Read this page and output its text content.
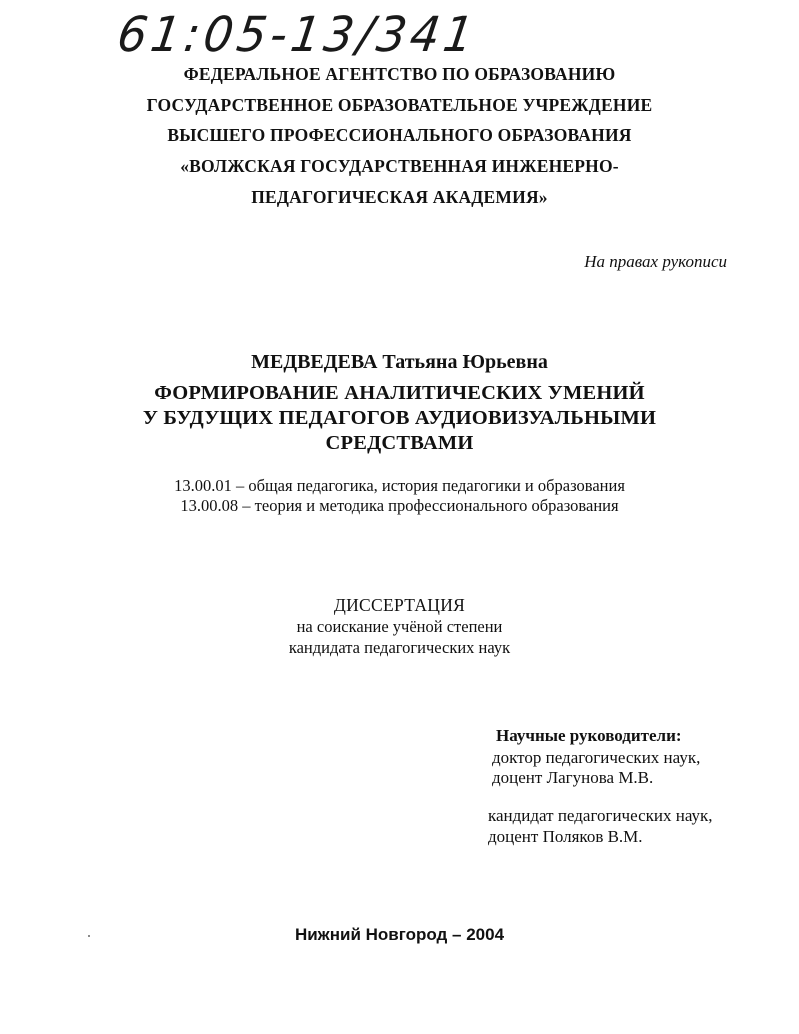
61:05-13/341
ФЕДЕРАЛЬНОЕ АГЕНТСТВО ПО ОБРАЗОВАНИЮ
ГОСУДАРСТВЕННОЕ ОБРАЗОВАТЕЛЬНОЕ УЧРЕЖДЕНИЕ
ВЫСШЕГО ПРОФЕССИОНАЛЬНОГО ОБРАЗОВАНИЯ
«ВОЛЖСКАЯ ГОСУДАРСТВЕННАЯ ИНЖЕНЕРНО-
ПЕДАГОГИЧЕСКАЯ АКАДЕМИЯ»
На правах рукописи
МЕДВЕДЕВА Татьяна Юрьевна
ФОРМИРОВАНИЕ АНАЛИТИЧЕСКИХ УМЕНИЙ
У БУДУЩИХ ПЕДАГОГОВ АУДИОВИЗУАЛЬНЫМИ
СРЕДСТВАМИ
13.00.01 – общая педагогика, история педагогики и образования
13.00.08 – теория и методика профессионального образования
ДИССЕРТАЦИЯ
на соискание учёной степени
кандидата педагогических наук
Научные руководители:
доктор педагогических наук,
доцент Лагунова М.В.
кандидат педагогических наук,
доцент Поляков В.М.
Нижний Новгород – 2004
